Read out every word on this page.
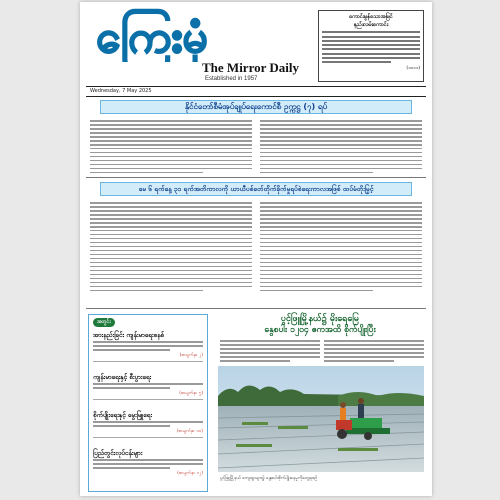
ကြေးမုံ
The Mirror Daily
Established in 1957
ကောင်းမွန်သောအမြင်
နည်းလမ်းကောင်း
(၁၀၁၁)
Wednesday, 7 May 2025
နိုင်ငံတော်စီမံအုပ်ချုပ်ရေးကောင်စီ ဥက္ကဋ္ဌ (၇) ရပ်
မေ ၆ ရက်နေ့ ၃၁ ရက်အတိကာလကို ယာယီပစ်ခတ်တိုက်ခိုက်မှုရပ်စဲရေးကာလအဖြစ် ထပ်မံတိုးမြှင့်
အတွင်း
အားနည်းခြင်း ကျန်းမာရေးစနစ်
(စာမျက်နှာ ၂)
ကျန်းမာရေးနှင့် စီးပွားရေး
(စာမျက်နှာ ၅)
စိုက်ပျိုးရေးနှင့် မွေးမြူရေး
(စာမျက်နှာ ၁၀)
ပြည်တွင်းလုပ်ငန်းများ
(စာမျက်နှာ ၁၂)
ပွင့်ဖြူမြို့နယ်၌ မိုးရေမြေ
နွေစပါး ၁၂၀၄ ဧကအထိ စိုက်ပျိုးပြီး
ပွင့်ဖြူမြို့နယ် ကျေးရွာများ၌ နွေစပါးစိုက်ပျိုးနေမှုကိုတွေ့ရစဉ်
